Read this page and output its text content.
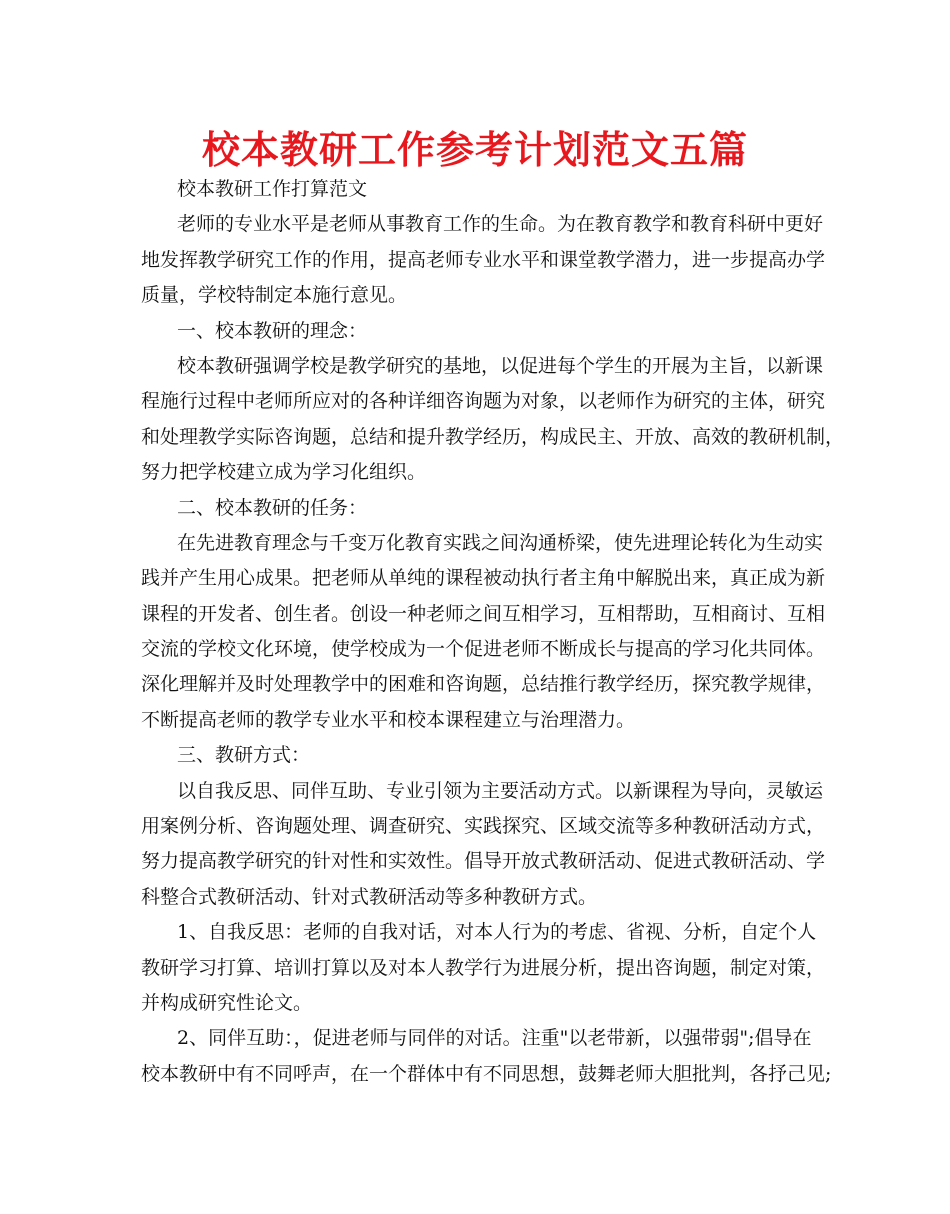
校本教研工作参考计划范文五篇

校本教研工作打算范文

老师的专业水平是老师从事教育工作的生命。为在教育教学和教育科研中更好

地发挥教学研究工作的作用，提高老师专业水平和课堂教学潜力，进一步提高办学

质量，学校特制定本施行意见。

一、校本教研的理念：

校本教研强调学校是教学研究的基地，以促进每个学生的开展为主旨，以新课

程施行过程中老师所应对的各种详细咨询题为对象，以老师作为研究的主体，研究

和处理教学实际咨询题，总结和提升教学经历，构成民主、开放、高效的教研机制，

努力把学校建立成为学习化组织。

二、校本教研的任务：

在先进教育理念与千变万化教育实践之间沟通桥梁，使先进理论转化为生动实

践并产生用心成果。把老师从单纯的课程被动执行者主角中解脱出来，真正成为新

课程的开发者、创生者。创设一种老师之间互相学习，互相帮助，互相商讨、互相

交流的学校文化环境，使学校成为一个促进老师不断成长与提高的学习化共同体。

深化理解并及时处理教学中的困难和咨询题，总结推行教学经历，探究教学规律，

不断提高老师的教学专业水平和校本课程建立与治理潜力。

三、教研方式：

以自我反思、同伴互助、专业引领为主要活动方式。以新课程为导向，灵敏运

用案例分析、咨询题处理、调查研究、实践探究、区域交流等多种教研活动方式，

努力提高教学研究的针对性和实效性。倡导开放式教研活动、促进式教研活动、学

科整合式教研活动、针对式教研活动等多种教研方式。

1、自我反思：老师的自我对话，对本人行为的考虑、省视、分析，自定个人

教研学习打算、培训打算以及对本人教学行为进展分析，提出咨询题，制定对策，

并构成研究性论文。

2、同伴互助：，促进老师与同伴的对话。注重"以老带新，以强带弱";倡导在

校本教研中有不同呼声，在一个群体中有不同思想，鼓舞老师大胆批判，各抒己见;
